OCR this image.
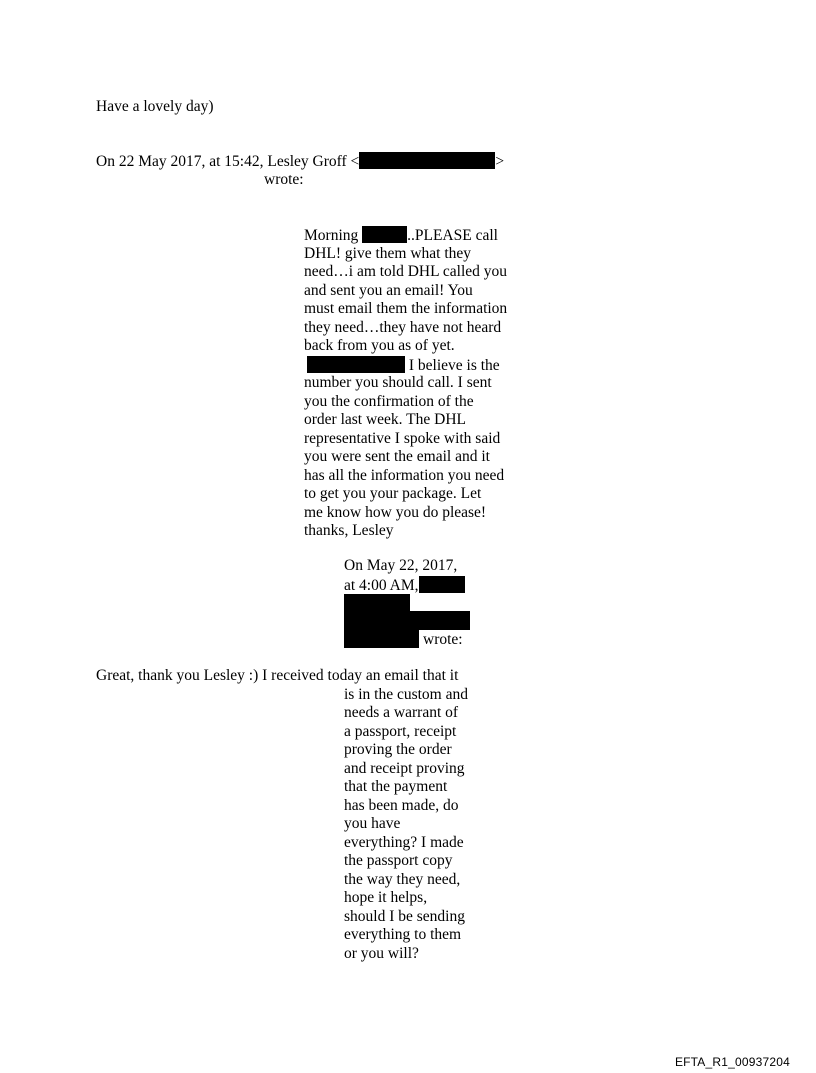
Have a lovely day)
On 22 May 2017, at 15:42, Lesley Groff <	>
wrote:
Morning	..PLEASE call
DHL! give them what they
need…i am told DHL called you
and sent you an email! You
must email them the information
they need…they have not heard
back from you as of yet.
I believe is the
number you should call. I sent
you the confirmation of the
order last week. The DHL
representative I spoke with said
you were sent the email and it
has all the information you need
to get you your package. Let
me know how you do please!
thanks, Lesley
On May 22, 2017,
at 4:00 AM,
wrote:
Great, thank you Lesley :) I received today an email that it
is in the custom and
needs a warrant of
a passport, receipt
proving the order
and receipt proving
that the payment
has been made, do
you have
everything? I made
the passport copy
the way they need,
hope it helps,
should I be sending
everything to them
or you will?
EFTA_R1_00937204
